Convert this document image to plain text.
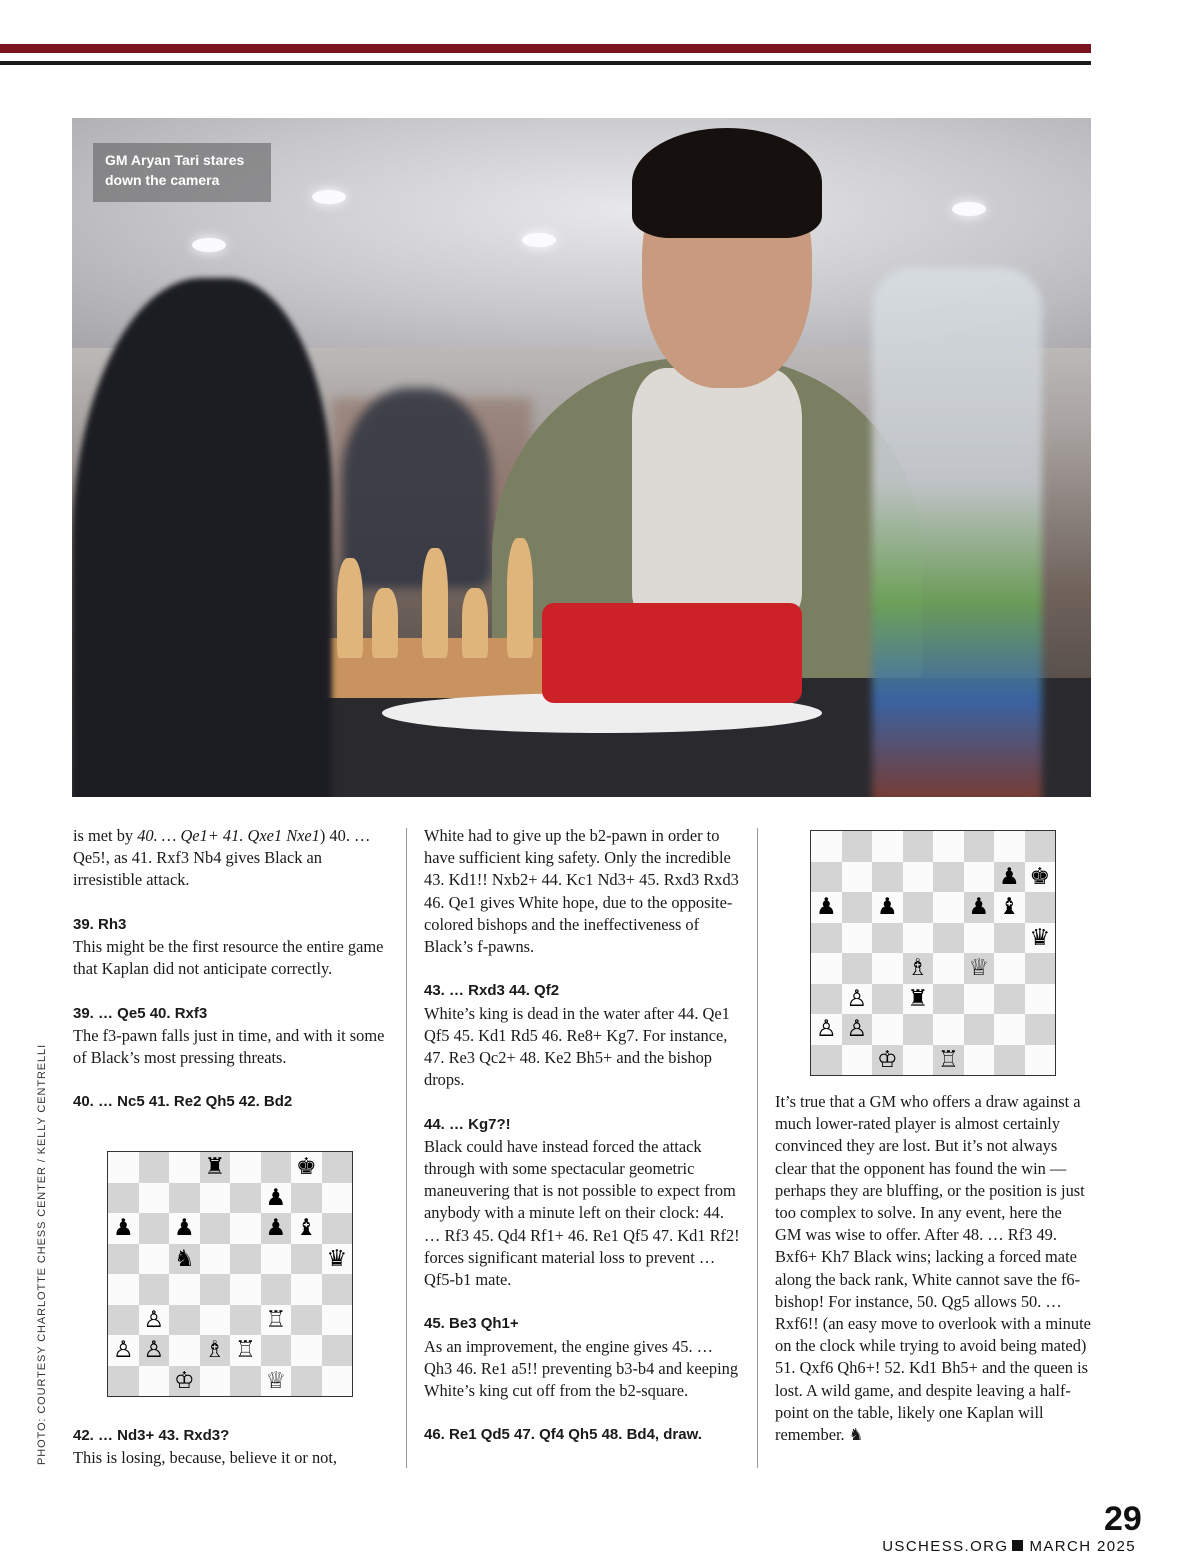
GM Aryan Tari stares
down the camera
PHOTO: COURTESY CHARLOTTE CHESS CENTER / KELLY CENTRELLI

is met by 40. … Qe1+ 41. Qxe1 Nxe1) 40. … Qe5!, as 41. Rxf3 Nb4 gives Black an irresistible attack.

39. Rh3

This might be the first resource the entire game that Kaplan did not anticipate correctly.

39. … Qe5 40. Rxf3

The f3-pawn falls just in time, and with it some of Black’s most pressing threats.

40. … Nc5 41. Re2 Qh5 42. Bd2

42. … Nd3+ 43. Rxd3?

This is losing, because, believe it or not,

♜	♚
♟
♟ ♟	♟ ♝
♞	♛
♙	♖
♙ ♙ ♗ ♖
♔	♕

White had to give up the b2-pawn in order to have sufficient king safety. Only the incredible 43. Kd1!! Nxb2+ 44. Kc1 Nd3+ 45. Rxd3 Rxd3 46. Qe1 gives White hope, due to the opposite-colored bishops and the ineffectiveness of Black’s f-pawns.

43. … Rxd3 44. Qf2

White’s king is dead in the water after 44. Qe1 Qf5 45. Kd1 Rd5 46. Re8+ Kg7. For instance, 47. Re3 Qc2+ 48. Ke2 Bh5+ and the bishop drops.

44. … Kg7?!

Black could have instead forced the attack through with some spectacular geometric maneuvering that is not possible to expect from anybody with a minute left on their clock: 44. … Rf3 45. Qd4 Rf1+ 46. Re1 Qf5 47. Kd1 Rf2! forces significant material loss to prevent … Qf5-b1 mate.

45. Be3 Qh1+

As an improvement, the engine gives 45. … Qh3 46. Re1 a5!! preventing b3-b4 and keeping White’s king cut off from the b2-square.

46. Re1 Qd5 47. Qf4 Qh5 48. Bd4, draw.

♟ ♚
♟ ♟	♟ ♝
♛
♗ ♕
♙ ♜
♙ ♙
♔ ♖

It’s true that a GM who offers a draw against a much lower-rated player is almost certainly convinced they are lost. But it’s not always clear that the opponent has found the win — perhaps they are bluffing, or the position is just too complex to solve. In any event, here the GM was wise to offer. After 48. … Rf3 49. Bxf6+ Kh7 Black wins; lacking a forced mate along the back rank, White cannot save the f6-bishop! For instance, 50. Qg5 allows 50. … Rxf6!! (an easy move to overlook with a minute on the clock while trying to avoid being mated) 51. Qxf6 Qh6+! 52. Kd1 Bh5+ and the queen is lost. A wild game, and despite leaving a half-point on the table, likely one Kaplan will remember. ♞

USCHESS.ORG MARCH 2025
29
